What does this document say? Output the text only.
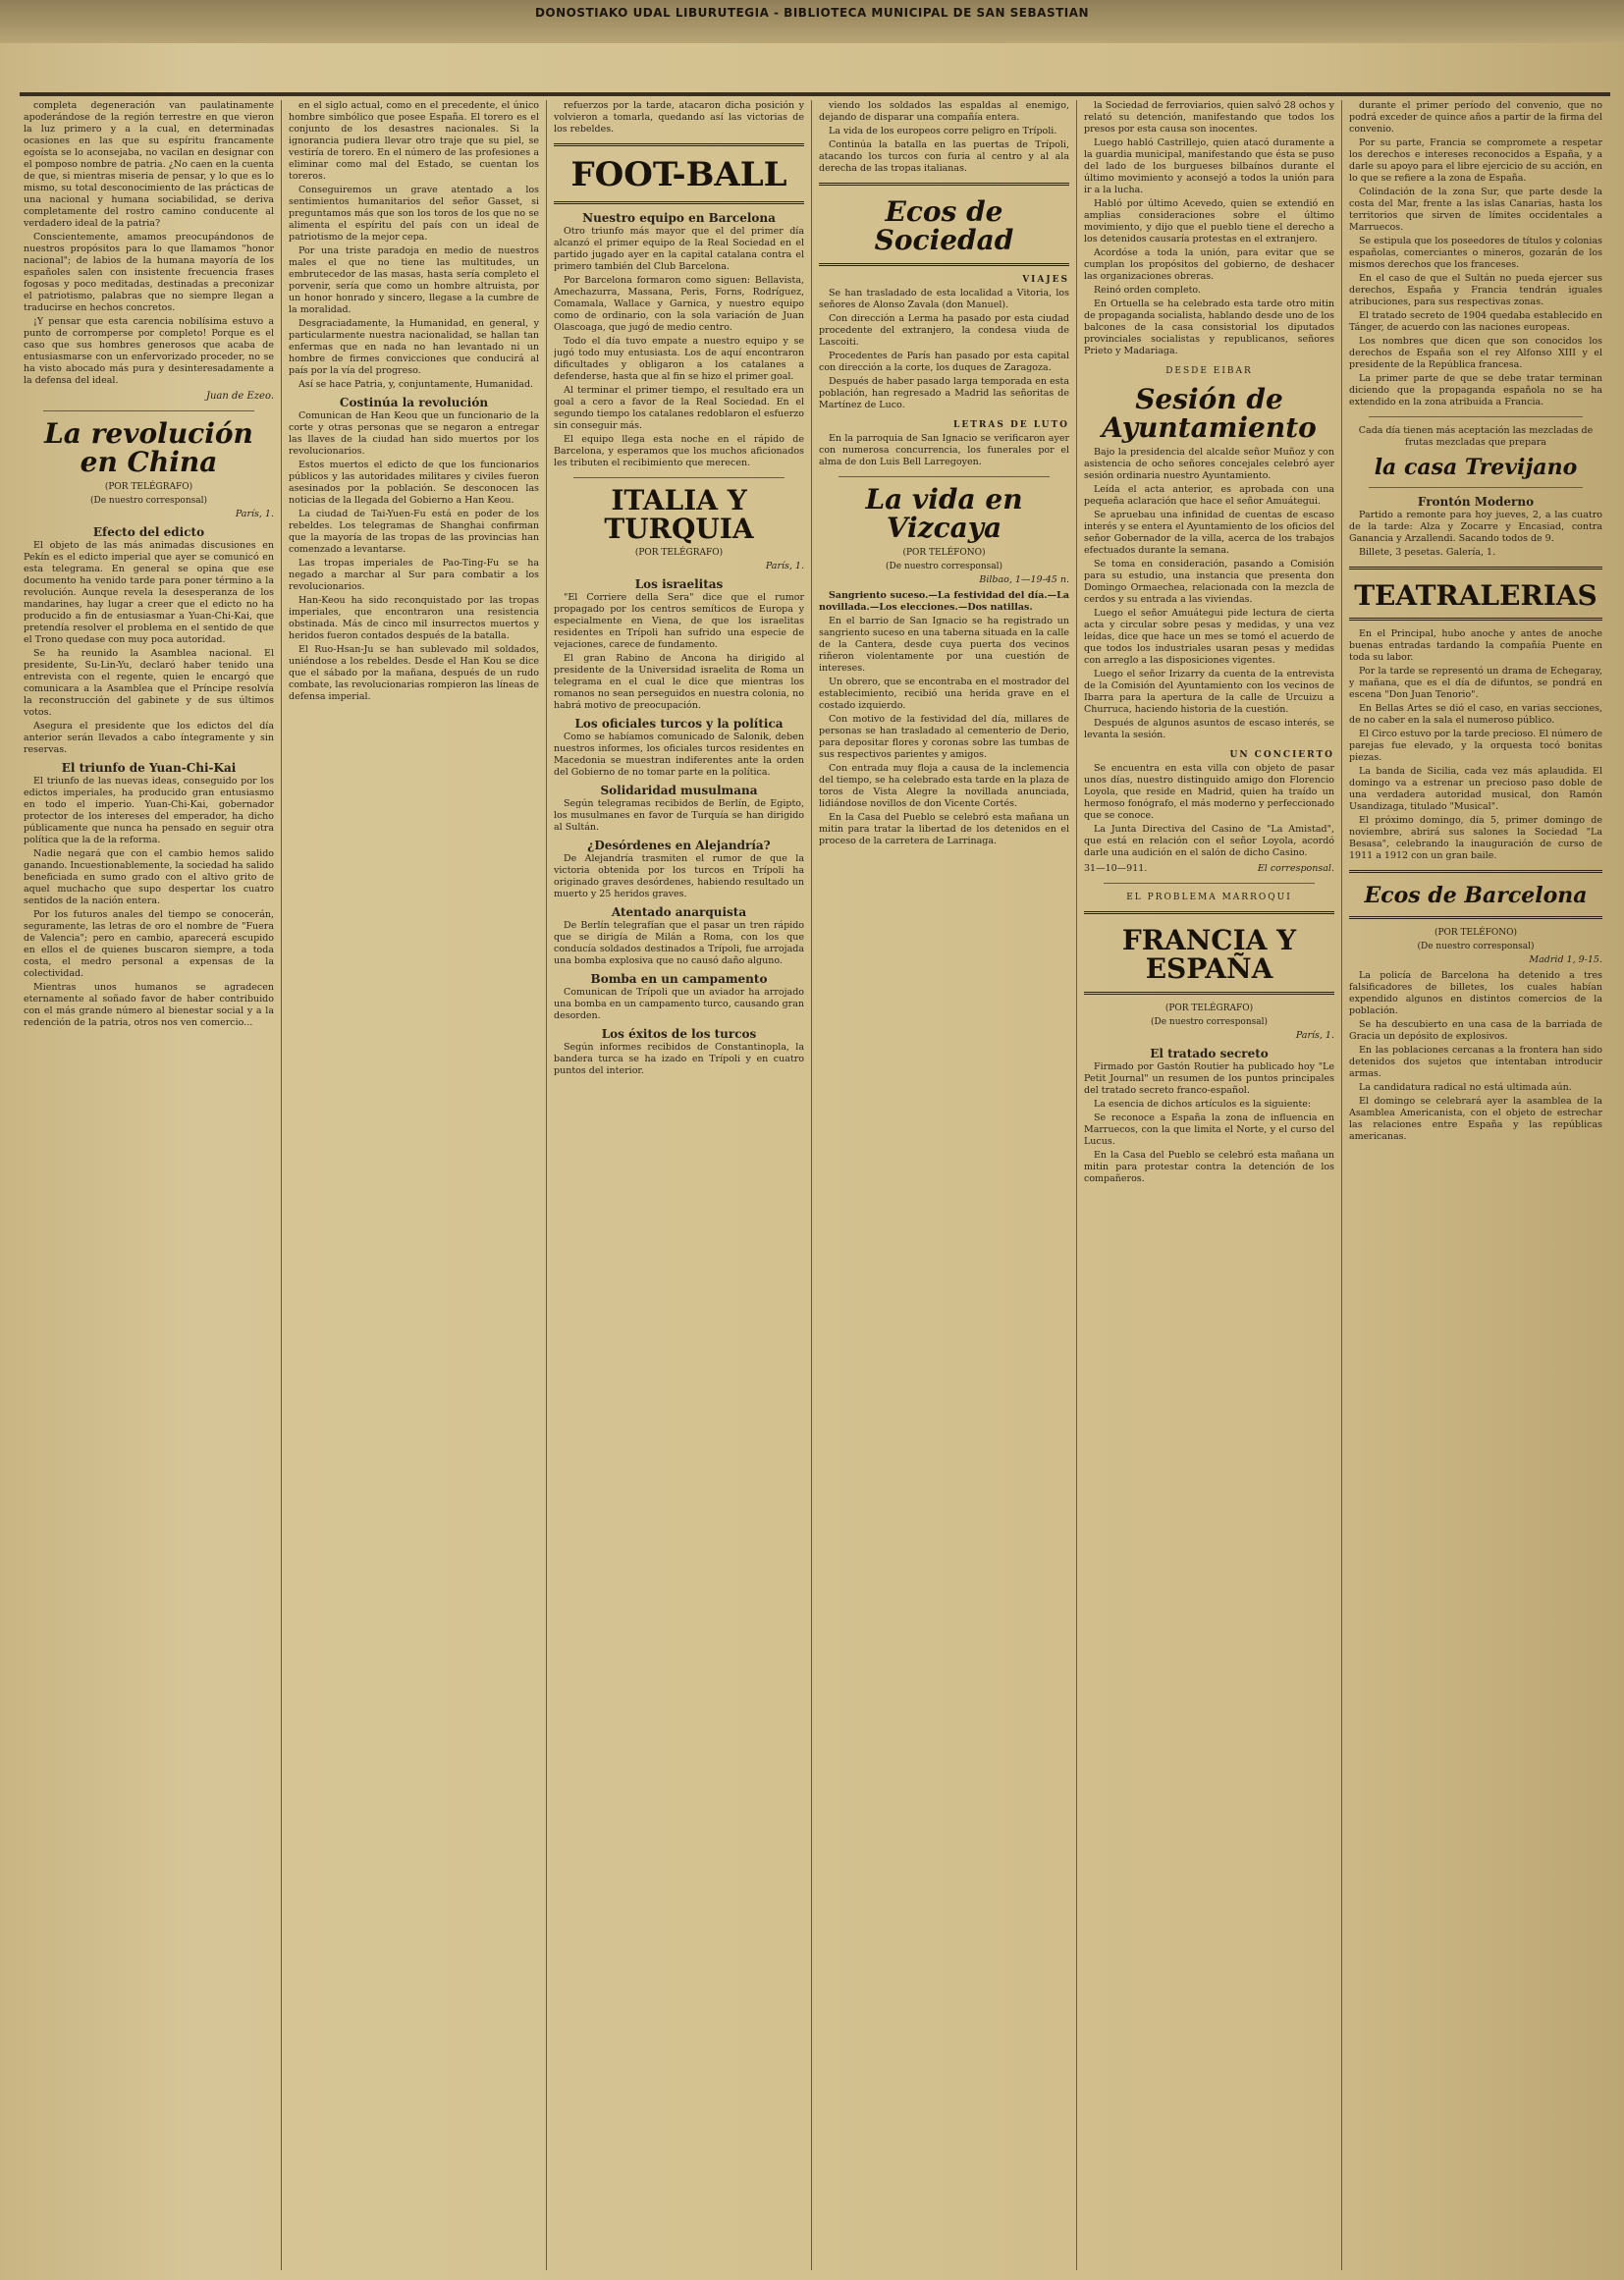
DONOSTIAKO UDAL LIBURUTEGIA - BIBLIOTECA MUNICIPAL DE SAN SEBASTIAN

completa degeneración van paulatinamente apoderándose de la región terrestre en que vieron la luz primero y a la cual, en determinadas ocasiones en las que su espíritu francamente egoísta se lo aconsejaba, no vacilan en designar con el pomposo nombre de patria. ¿No caen en la cuenta de que, si mientras miseria de pensar, y lo que es lo mismo, su total desconocimiento de las prácticas de una nacional y humana sociabilidad, se deriva completamente del rostro camino conducente al verdadero ideal de la patria?

Conscientemente, amamos preocupándonos de nuestros propósitos para lo que llamamos "honor nacional"; de labios de la humana mayoría de los españoles salen con insistente frecuencia frases fogosas y poco meditadas, destinadas a preconizar el patriotismo, palabras que no siempre llegan a traducirse en hechos concretos.

¡Y pensar que esta carencia nobilísima estuvo a punto de corromperse por completo! Porque es el caso que sus hombres generosos que acaba de entusiasmarse con un enfervorizado proceder, no se ha visto abocado más pura y desinteresadamente a la defensa del ideal.

Juan de Ezeo.
La revolución en China
(POR TELÉGRAFO)
(De nuestro corresponsal)
París, 1.
Efecto del edicto

El objeto de las más animadas discusiones en Pekín es el edicto imperial que ayer se comunicó en esta telegrama. En general se opina que ese documento ha venido tarde para poner término a la revolución. Aunque revela la desesperanza de los mandarines, hay lugar a creer que el edicto no ha producido a fin de entusiasmar a Yuan-Chi-Kai, que pretendía resolver el problema en el sentido de que el Trono quedase con muy poca autoridad.

Se ha reunido la Asamblea nacional. El presidente, Su-Lin-Yu, declaró haber tenido una entrevista con el regente, quien le encargó que comunicara a la Asamblea que el Príncipe resolvía la reconstrucción del gabinete y de sus últimos votos.

Asegura el presidente que los edictos del día anterior serán llevados a cabo íntegramente y sin reservas.

El triunfo de Yuan-Chi-Kai

El triunfo de las nuevas ideas, conseguido por los edictos imperiales, ha producido gran entusiasmo en todo el imperio. Yuan-Chi-Kai, gobernador protector de los intereses del emperador, ha dicho públicamente que nunca ha pensado en seguir otra política que la de la reforma.

Nadie negará que con el cambio hemos salido ganando. Incuestionablemente, la sociedad ha salido beneficiada en sumo grado con el altivo grito de aquel muchacho que supo despertar los cuatro sentidos de la nación entera.

Por los futuros anales del tiempo se conocerán, seguramente, las letras de oro el nombre de "Fuera de Valencia"; pero en cambio, aparecerá escupido en ellos el de quienes buscaron siempre, a toda costa, el medro personal a expensas de la colectividad.

Mientras unos humanos se agradecen eternamente al soñado favor de haber contribuido con el más grande número al bienestar social y a la redención de la patria, otros nos ven comercio...

en el siglo actual, como en el precedente, el único hombre simbólico que posee España. El torero es el conjunto de los desastres nacionales. Si la ignorancia pudiera llevar otro traje que su piel, se vestiría de torero. En el número de las profesiones a eliminar como mal del Estado, se cuentan los toreros.

Conseguiremos un grave atentado a los sentimientos humanitarios del señor Gasset, si preguntamos más que son los toros de los que no se alimenta el espíritu del país con un ideal de patriotismo de la mejor cepa.

Por una triste paradoja en medio de nuestros males el que no tiene las multitudes, un embrutecedor de las masas, hasta sería completo el porvenir, sería que como un hombre altruista, por un honor honrado y sincero, llegase a la cumbre de la moralidad.

Desgraciadamente, la Humanidad, en general, y particularmente nuestra nacionalidad, se hallan tan enfermas que en nada no han levantado ni un hombre de firmes convicciones que conducirá al país por la vía del progreso.

Así se hace Patria, y, conjuntamente, Humanidad.

Costinúa la revolución

Comunican de Han Keou que un funcionario de la corte y otras personas que se negaron a entregar las llaves de la ciudad han sido muertos por los revolucionarios.

Estos muertos el edicto de que los funcionarios públicos y las autoridades militares y civiles fueron asesinados por la población. Se desconocen las noticias de la llegada del Gobierno a Han Keou.

La ciudad de Tai-Yuen-Fu está en poder de los rebeldes. Los telegramas de Shanghai confirman que la mayoría de las tropas de las provincias han comenzado a levantarse.

Las tropas imperiales de Pao-Ting-Fu se ha negado a marchar al Sur para combatir a los revolucionarios.

Han-Keou ha sido reconquistado por las tropas imperiales, que encontraron una resistencia obstinada. Más de cinco mil insurrectos muertos y heridos fueron contados después de la batalla.

El Ruo-Hsan-Ju se han sublevado mil soldados, uniéndose a los rebeldes. Desde el Han Kou se dice que el sábado por la mañana, después de un rudo combate, las revolucionarias rompieron las líneas de defensa imperial.

refuerzos por la tarde, atacaron dicha posición y volvieron a tomarla, quedando así las victorias de los rebeldes.

FOOT-BALL
Nuestro equipo en Barcelona

Otro triunfo más mayor que el del primer día alcanzó el primer equipo de la Real Sociedad en el partido jugado ayer en la capital catalana contra el primero también del Club Barcelona.

Por Barcelona formaron como siguen: Bellavista, Amechazurra, Massana, Peris, Forns, Rodríguez, Comamala, Wallace y Garnica, y nuestro equipo como de ordinario, con la sola variación de Juan Olascoaga, que jugó de medio centro.

Todo el día tuvo empate a nuestro equipo y se jugó todo muy entusiasta. Los de aquí encontraron dificultades y obligaron a los catalanes a defenderse, hasta que al fin se hizo el primer goal.

Al terminar el primer tiempo, el resultado era un goal a cero a favor de la Real Sociedad. En el segundo tiempo los catalanes redoblaron el esfuerzo sin conseguir más.

El equipo llega esta noche en el rápido de Barcelona, y esperamos que los muchos aficionados les tributen el recibimiento que merecen.

ITALIA Y TURQUIA
(POR TELÉGRAFO)
París, 1.
Los israelitas

"El Corriere della Sera" dice que el rumor propagado por los centros semíticos de Europa y especialmente en Viena, de que los israelitas residentes en Trípoli han sufrido una especie de vejaciones, carece de fundamento.

El gran Rabino de Ancona ha dirigido al presidente de la Universidad israelita de Roma un telegrama en el cual le dice que mientras los romanos no sean perseguidos en nuestra colonia, no habrá motivo de preocupación.

Los oficiales turcos y la política

Como se habíamos comunicado de Salonik, deben nuestros informes, los oficiales turcos residentes en Macedonia se muestran indiferentes ante la orden del Gobierno de no tomar parte en la política.

Solidaridad musulmana

Según telegramas recibidos de Berlín, de Egipto, los musulmanes en favor de Turquía se han dirigido al Sultán.

¿Desórdenes en Alejandría?

De Alejandría trasmiten el rumor de que la victoria obtenida por los turcos en Trípoli ha originado graves desórdenes, habiendo resultado un muerto y 25 heridos graves.

Atentado anarquista

De Berlín telegrafían que el pasar un tren rápido que se dirigía de Milán a Roma, con los que conducía soldados destinados a Trípoli, fue arrojada una bomba explosiva que no causó daño alguno.

Bomba en un campamento

Comunican de Trípoli que un aviador ha arrojado una bomba en un campamento turco, causando gran desorden.

Los éxitos de los turcos

Según informes recibidos de Constantinopla, la bandera turca se ha izado en Trípoli y en cuatro puntos del interior.

viendo los soldados las espaldas al enemigo, dejando de disparar una compañía entera.

La vida de los europeos corre peligro en Trípoli.

Continúa la batalla en las puertas de Trípoli, atacando los turcos con furia al centro y al ala derecha de las tropas italianas.

Ecos de Sociedad
VIAJES

Se han trasladado de esta localidad a Vitoria, los señores de Alonso Zavala (don Manuel).

Con dirección a Lerma ha pasado por esta ciudad procedente del extranjero, la condesa viuda de Lascoiti.

Procedentes de París han pasado por esta capital con dirección a la corte, los duques de Zaragoza.

Después de haber pasado larga temporada en esta población, han regresado a Madrid las señoritas de Martínez de Luco.

LETRAS DE LUTO

En la parroquia de San Ignacio se verificaron ayer con numerosa concurrencia, los funerales por el alma de don Luis Bell Larregoyen.

La vida en Vizcaya
(POR TELÉFONO)
(De nuestro corresponsal)
Bilbao, 1—19-45 n.

Sangriento suceso.—La festividad del día.—La novillada.—Los elecciones.—Dos natillas.

En el barrio de San Ignacio se ha registrado un sangriento suceso en una taberna situada en la calle de la Cantera, desde cuya puerta dos vecinos riñeron violentamente por una cuestión de intereses.

Un obrero, que se encontraba en el mostrador del establecimiento, recibió una herida grave en el costado izquierdo.

Con motivo de la festividad del día, millares de personas se han trasladado al cementerio de Derio, para depositar flores y coronas sobre las tumbas de sus respectivos parientes y amigos.

Con entrada muy floja a causa de la inclemencia del tiempo, se ha celebrado esta tarde en la plaza de toros de Vista Alegre la novillada anunciada, lidiándose novillos de don Vicente Cortés.

En la Casa del Pueblo se celebró esta mañana un mitin para tratar la libertad de los detenidos en el proceso de la carretera de Larrinaga.

la Sociedad de ferroviarios, quien salvó 28 ochos y relató su detención, manifestando que todos los presos por esta causa son inocentes.

Luego habló Castrillejo, quien atacó duramente a la guardia municipal, manifestando que ésta se puso del lado de los burgueses bilbaínos durante el último movimiento y aconsejó a todos la unión para ir a la lucha.

Habló por último Acevedo, quien se extendió en amplias consideraciones sobre el último movimiento, y dijo que el pueblo tiene el derecho a los detenidos causaría protestas en el extranjero.

Acordóse a toda la unión, para evitar que se cumplan los propósitos del gobierno, de deshacer las organizaciones obreras.

Reinó orden completo.

En Ortuella se ha celebrado esta tarde otro mitin de propaganda socialista, hablando desde uno de los balcones de la casa consistorial los diputados provinciales socialistas y republicanos, señores Prieto y Madariaga.

DESDE EIBAR
Sesión de Ayuntamiento

Bajo la presidencia del alcalde señor Muñoz y con asistencia de ocho señores concejales celebró ayer sesión ordinaria nuestro Ayuntamiento.

Leída el acta anterior, es aprobada con una pequeña aclaración que hace el señor Amuátegui.

Se apruebau una infinidad de cuentas de escaso interés y se entera el Ayuntamiento de los oficios del señor Gobernador de la villa, acerca de los trabajos efectuados durante la semana.

Se toma en consideración, pasando a Comisión para su estudio, una instancia que presenta don Domingo Ormaechea, relacionada con la mezcla de cerdos y su entrada a las viviendas.

Luego el señor Amuátegui pide lectura de cierta acta y circular sobre pesas y medidas, y una vez leídas, dice que hace un mes se tomó el acuerdo de que todos los industriales usaran pesas y medidas con arreglo a las disposiciones vigentes.

Luego el señor Irizarry da cuenta de la entrevista de la Comisión del Ayuntamiento con los vecinos de Ibarra para la apertura de la calle de Urcuizu a Churruca, haciendo historia de la cuestión.

Después de algunos asuntos de escaso interés, se levanta la sesión.

UN CONCIERTO

Se encuentra en esta villa con objeto de pasar unos días, nuestro distinguido amigo don Florencio Loyola, que reside en Madrid, quien ha traído un hermoso fonógrafo, el más moderno y perfeccionado que se conoce.

La Junta Directiva del Casino de "La Amistad", que está en relación con el señor Loyola, acordó darle una audición en el salón de dicho Casino.

31—10—911.	El corresponsal.
EL PROBLEMA MARROQUI
FRANCIA Y ESPAÑA
(POR TELÉGRAFO)
(De nuestro corresponsal)
París, 1.
El tratado secreto

Firmado por Gastón Routier ha publicado hoy "Le Petit Journal" un resumen de los puntos principales del tratado secreto franco-español.

La esencia de dichos artículos es la siguiente:

Se reconoce a España la zona de influencia en Marruecos, con la que limita el Norte, y el curso del Lucus.

En la Casa del Pueblo se celebró esta mañana un mitin para protestar contra la detención de los compañeros.

durante el primer período del convenio, que no podrá exceder de quince años a partir de la firma del convenio.

Por su parte, Francia se compromete a respetar los derechos e intereses reconocidos a España, y a darle su apoyo para el libre ejercicio de su acción, en lo que se refiere a la zona de España.

Colindación de la zona Sur, que parte desde la costa del Mar, frente a las islas Canarias, hasta los territorios que sirven de límites occidentales a Marruecos.

Se estipula que los poseedores de títulos y colonias españolas, comerciantes o mineros, gozarán de los mismos derechos que los franceses.

En el caso de que el Sultán no pueda ejercer sus derechos, España y Francia tendrán iguales atribuciones, para sus respectivas zonas.

El tratado secreto de 1904 quedaba establecido en Tánger, de acuerdo con las naciones europeas.

Los nombres que dicen que son conocidos los derechos de España son el rey Alfonso XIII y el presidente de la República francesa.

La primer parte de que se debe tratar terminan diciendo que la propaganda española no se ha extendido en la zona atribuida a Francia.

Cada día tienen más aceptación las mezcladas de frutas mezcladas que prepara

la casa Trevijano
Frontón Moderno

Partido a remonte para hoy jueves, 2, a las cuatro de la tarde: Alza y Zocarre y Encasiad, contra Ganancia y Arzallendi. Sacando todos de 9.

Billete, 3 pesetas. Galería, 1.

TEATRALERIAS

En el Principal, hubo anoche y antes de anoche buenas entradas tardando la compañía Puente en toda su labor.

Por la tarde se representó un drama de Echegaray, y mañana, que es el día de difuntos, se pondrá en escena "Don Juan Tenorio".

En Bellas Artes se dió el caso, en varias secciones, de no caber en la sala el numeroso público.

El Circo estuvo por la tarde precioso. El número de parejas fue elevado, y la orquesta tocó bonitas piezas.

La banda de Sicilia, cada vez más aplaudida. El domingo va a estrenar un precioso paso doble de una verdadera autoridad musical, don Ramón Usandizaga, titulado "Musical".

El próximo domingo, día 5, primer domingo de noviembre, abrirá sus salones la Sociedad "La Besasa", celebrando la inauguración de curso de 1911 a 1912 con un gran baile.

Ecos de Barcelona
(POR TELÉFONO)
(De nuestro corresponsal)
Madrid 1, 9-15.

La policía de Barcelona ha detenido a tres falsificadores de billetes, los cuales habían expendido algunos en distintos comercios de la población.

Se ha descubierto en una casa de la barriada de Gracia un depósito de explosivos.

En las poblaciones cercanas a la frontera han sido detenidos dos sujetos que intentaban introducir armas.

La candidatura radical no está ultimada aún.

El domingo se celebrará ayer la asamblea de la Asamblea Americanista, con el objeto de estrechar las relaciones entre España y las repúblicas americanas.
